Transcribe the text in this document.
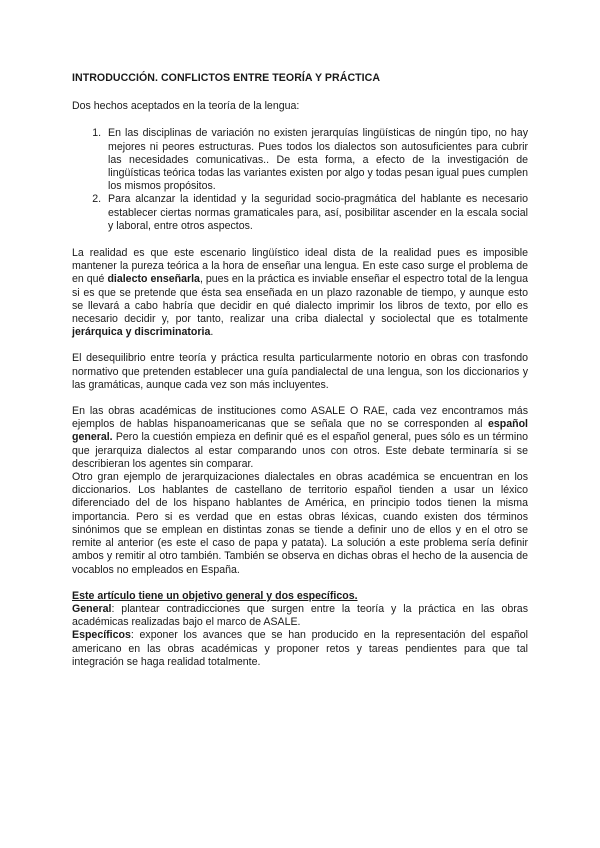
INTRODUCCIÓN. CONFLICTOS ENTRE TEORÍA Y PRÁCTICA

Dos hechos aceptados en la teoría de la lengua:

1. En las disciplinas de variación no existen jerarquías lingüísticas de ningún tipo, no hay mejores ni peores estructuras. Pues todos los dialectos son autosuficientes para cubrir las necesidades comunicativas.. De esta forma, a efecto de la investigación de lingüísticas teórica todas las variantes existen por algo y todas pesan igual pues cumplen los mismos propósitos.
2. Para alcanzar la identidad y la seguridad socio-pragmática del hablante es necesario establecer ciertas normas gramaticales para, así, posibilitar ascender en la escala social y laboral, entre otros aspectos.

La realidad es que este escenario lingüístico ideal dista de la realidad pues es imposible mantener la pureza teórica a la hora de enseñar una lengua. En este caso surge el problema de en qué dialecto enseñarla, pues en la práctica es inviable enseñar el espectro total de la lengua si es que se pretende que ésta sea enseñada en un plazo razonable de tiempo, y aunque esto se llevará a cabo habría que decidir en qué dialecto imprimir los libros de texto, por ello es necesario decidir y, por tanto, realizar una criba dialectal y sociolectal que es totalmente jerárquica y discriminatoria.

El desequilibrio entre teoría y práctica resulta particularmente notorio en obras con trasfondo normativo que pretenden establecer una guía pandialectal de una lengua, son los diccionarios y las gramáticas, aunque cada vez son más incluyentes.

En las obras académicas de instituciones como ASALE O RAE, cada vez encontramos más ejemplos de hablas hispanoamericanas que se señala que no se corresponden al español general. Pero la cuestión empieza en definir qué es el español general, pues sólo es un término que jerarquiza dialectos al estar comparando unos con otros. Este debate terminaría si se describieran los agentes sin comparar.

Otro gran ejemplo de jerarquizaciones dialectales en obras académica se encuentran en los diccionarios. Los hablantes de castellano de territorio español tienden a usar un léxico diferenciado del de los hispano hablantes de América, en principio todos tienen la misma importancia. Pero si es verdad que en estas obras léxicas, cuando existen dos términos sinónimos que se emplean en distintas zonas se tiende a definir uno de ellos y en el otro se remite al anterior (es este el caso de papa y patata). La solución a este problema sería definir ambos y remitir al otro también. También se observa en dichas obras el hecho de la ausencia de vocablos no empleados en España.

Este artículo tiene un objetivo general y dos específicos.

General: plantear contradicciones que surgen entre la teoría y la práctica en las obras académicas realizadas bajo el marco de ASALE.

Específicos: exponer los avances que se han producido en la representación del español americano en las obras académicas y proponer retos y tareas pendientes para que tal integración se haga realidad totalmente.
